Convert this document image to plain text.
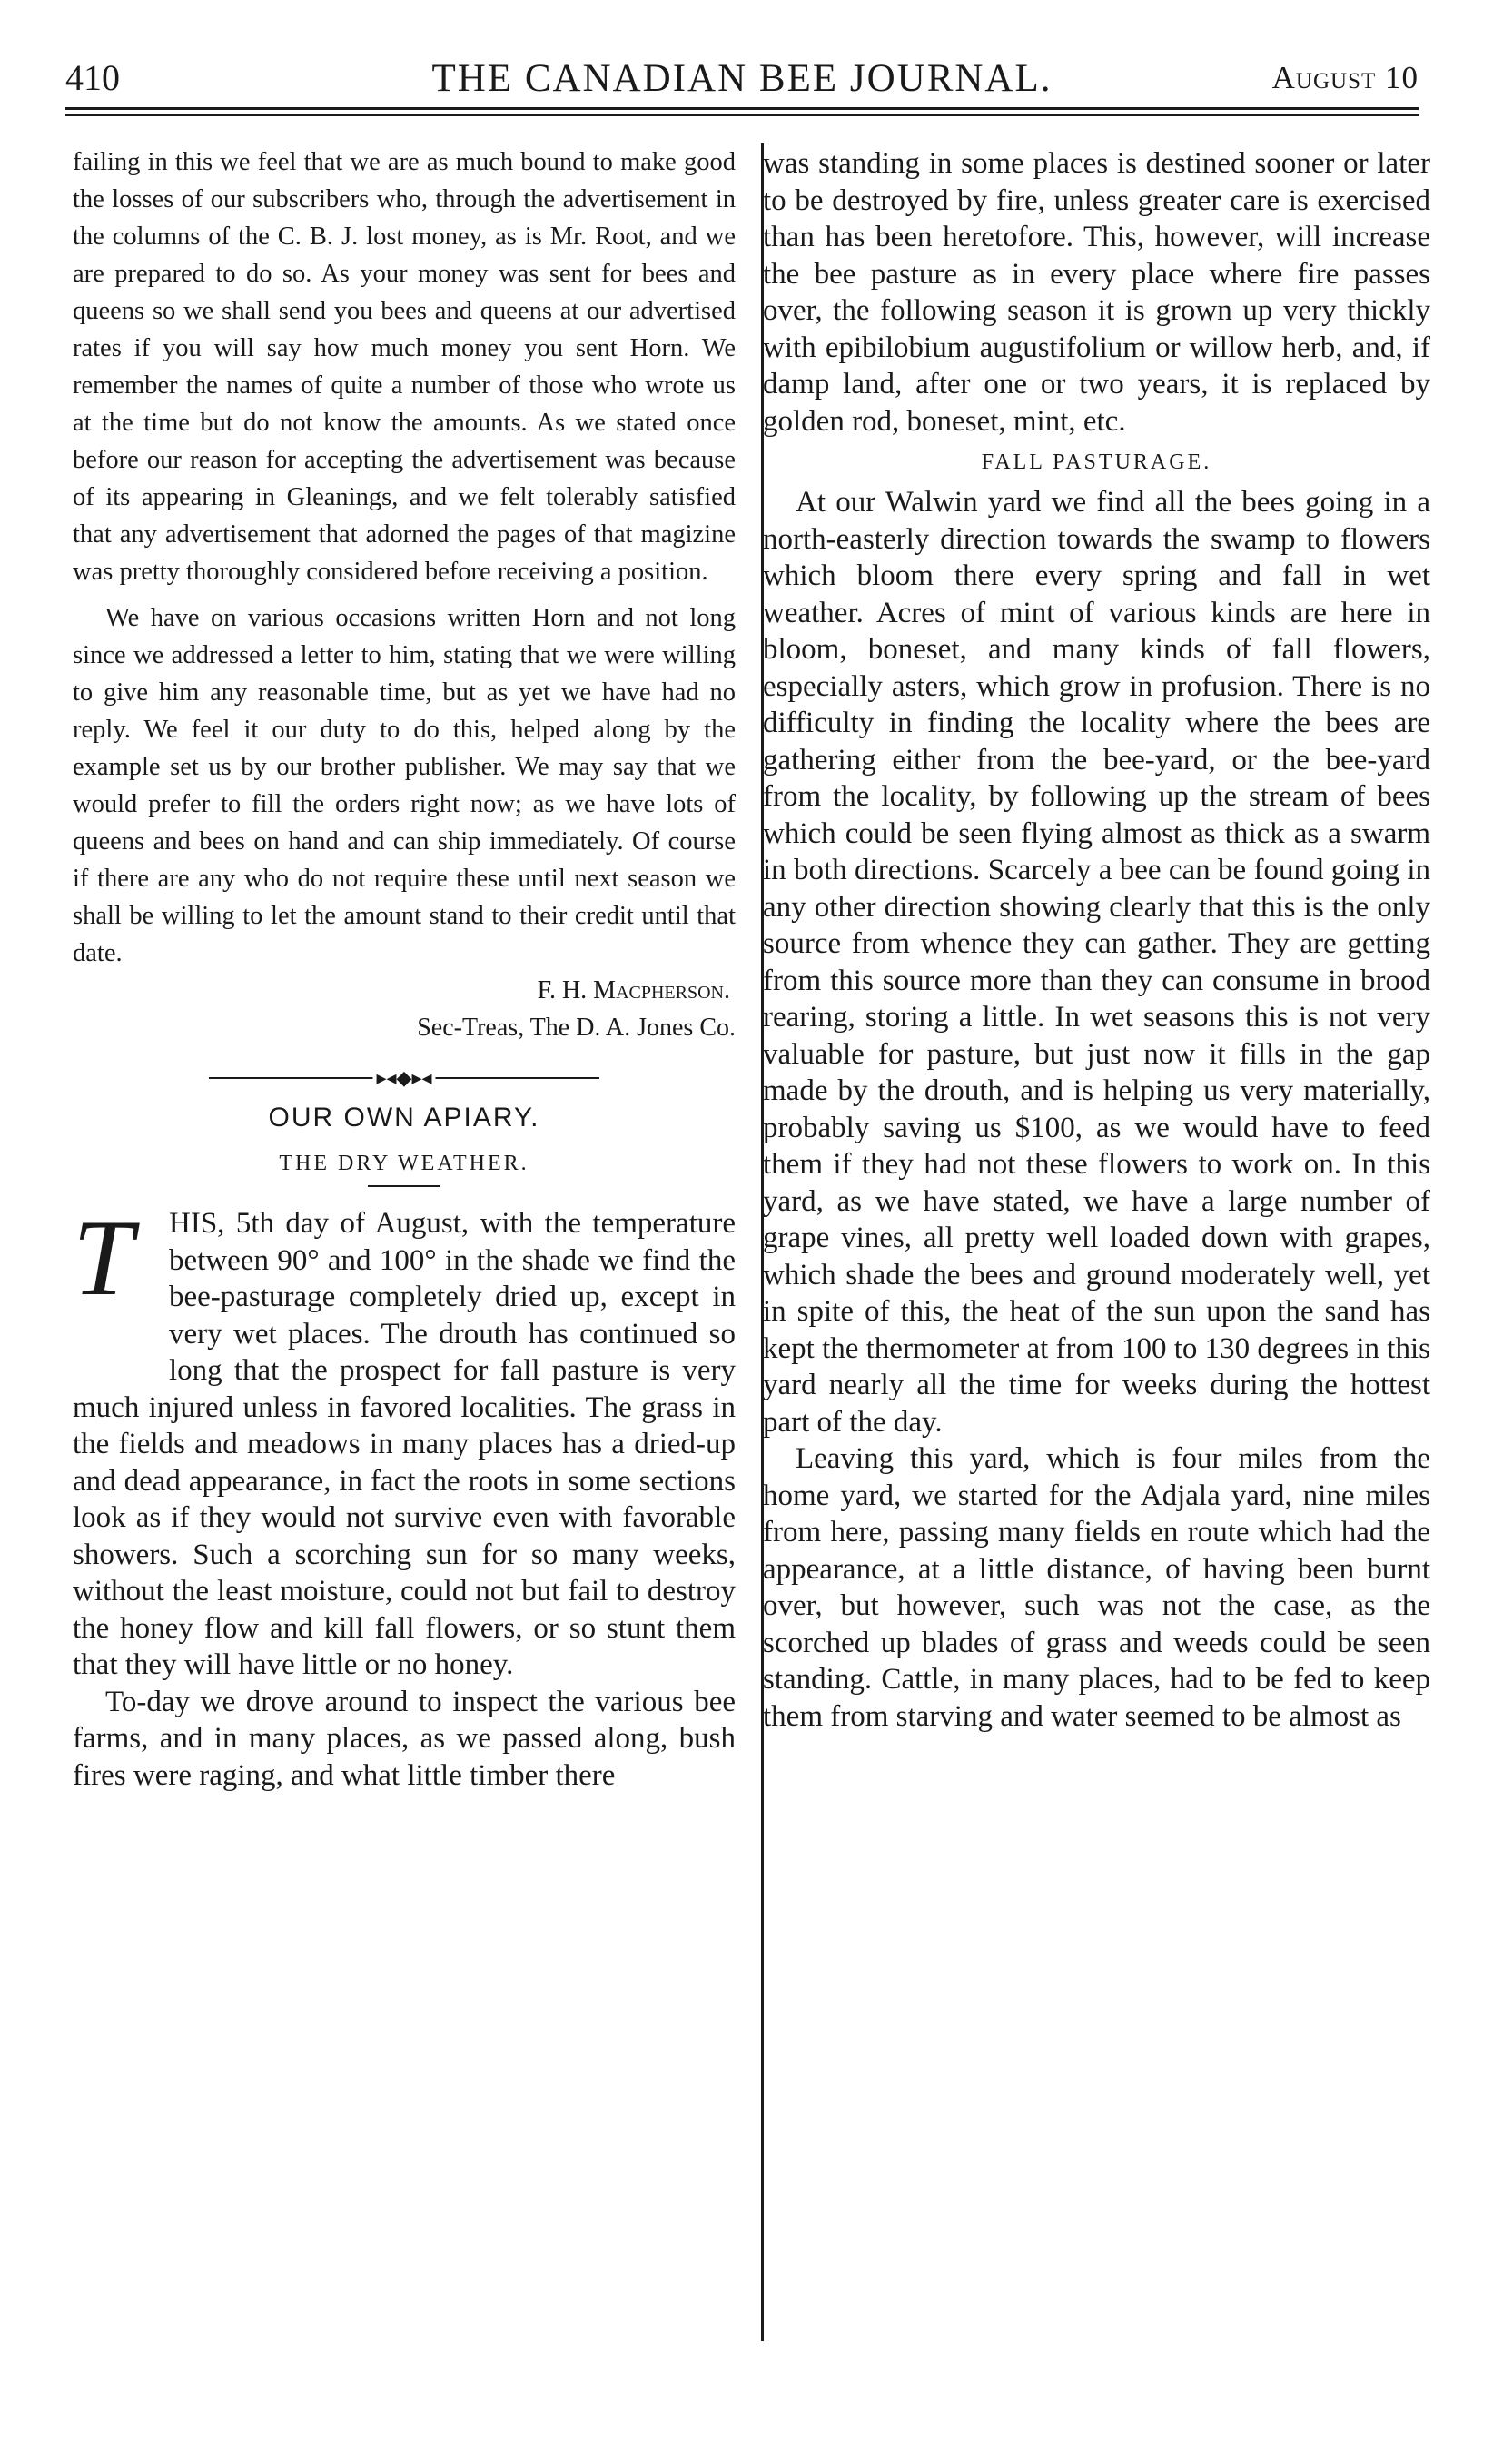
410	THE CANADIAN BEE JOURNAL.	August 10

failing in this we feel that we are as much bound to make good the losses of our subscribers who, through the advertisement in the columns of the C. B. J. lost money, as is Mr. Root, and we are prepared to do so. As your money was sent for bees and queens so we shall send you bees and queens at our advertised rates if you will say how much money you sent Horn. We remember the names of quite a number of those who wrote us at the time but do not know the amounts. As we stated once before our reason for accepting the advertisement was because of its appearing in Gleanings, and we felt tolerably satisfied that any advertisement that adorned the pages of that magizine was pretty thoroughly considered before receiving a position.

We have on various occasions written Horn and not long since we addressed a letter to him, stating that we were willing to give him any reasonable time, but as yet we have had no reply. We feel it our duty to do this, helped along by the example set us by our brother publisher. We may say that we would prefer to fill the orders right now; as we have lots of queens and bees on hand and can ship immediately. Of course if there are any who do not require these until next season we shall be willing to let the amount stand to their credit until that date.

F. H. Macpherson.
Sec-Treas, The D. A. Jones Co.
▸◂◆▸◂
OUR OWN APIARY.
THE DRY WEATHER.

T	HIS, 5th day of August, with the temperature between 90° and 100° in the shade we find the bee-pasturage completely dried up, except in very wet places. The drouth has continued so long that the prospect for fall pasture is very much injured unless in favored localities. The grass in the fields and meadows in many places has a dried-up and dead appearance, in fact the roots in some sections look as if they would not survive even with favorable showers. Such a scorching sun for so many weeks, without the least moisture, could not but fail to destroy the honey flow and kill fall flowers, or so stunt them that they will have little or no honey.

To-day we drove around to inspect the various bee farms, and in many places, as we passed along, bush fires were raging, and what little timber there

was standing in some places is destined sooner or later to be destroyed by fire, unless greater care is exercised than has been heretofore. This, however, will increase the bee pasture as in every place where fire passes over, the following season it is grown up very thickly with epibilobium augustifolium or willow herb, and, if damp land, after one or two years, it is replaced by golden rod, boneset, mint, etc.

FALL PASTURAGE.

At our Walwin yard we find all the bees going in a north-easterly direction towards the swamp to flowers which bloom there every spring and fall in wet weather. Acres of mint of various kinds are here in bloom, boneset, and many kinds of fall flowers, especially asters, which grow in profusion. There is no difficulty in finding the locality where the bees are gathering either from the bee-yard, or the bee-yard from the locality, by following up the stream of bees which could be seen flying almost as thick as a swarm in both directions. Scarcely a bee can be found going in any other direction showing clearly that this is the only source from whence they can gather. They are getting from this source more than they can consume in brood rearing, storing a little. In wet seasons this is not very valuable for pasture, but just now it fills in the gap made by the drouth, and is helping us very materially, probably saving us $100, as we would have to feed them if they had not these flowers to work on. In this yard, as we have stated, we have a large number of grape vines, all pretty well loaded down with grapes, which shade the bees and ground moderately well, yet in spite of this, the heat of the sun upon the sand has kept the thermometer at from 100 to 130 degrees in this yard nearly all the time for weeks during the hottest part of the day.

Leaving this yard, which is four miles from the home yard, we started for the Adjala yard, nine miles from here, passing many fields en route which had the appearance, at a little distance, of having been burnt over, but however, such was not the case, as the scorched up blades of grass and weeds could be seen standing. Cattle, in many places, had to be fed to keep them from starving and water seemed to be almost as
